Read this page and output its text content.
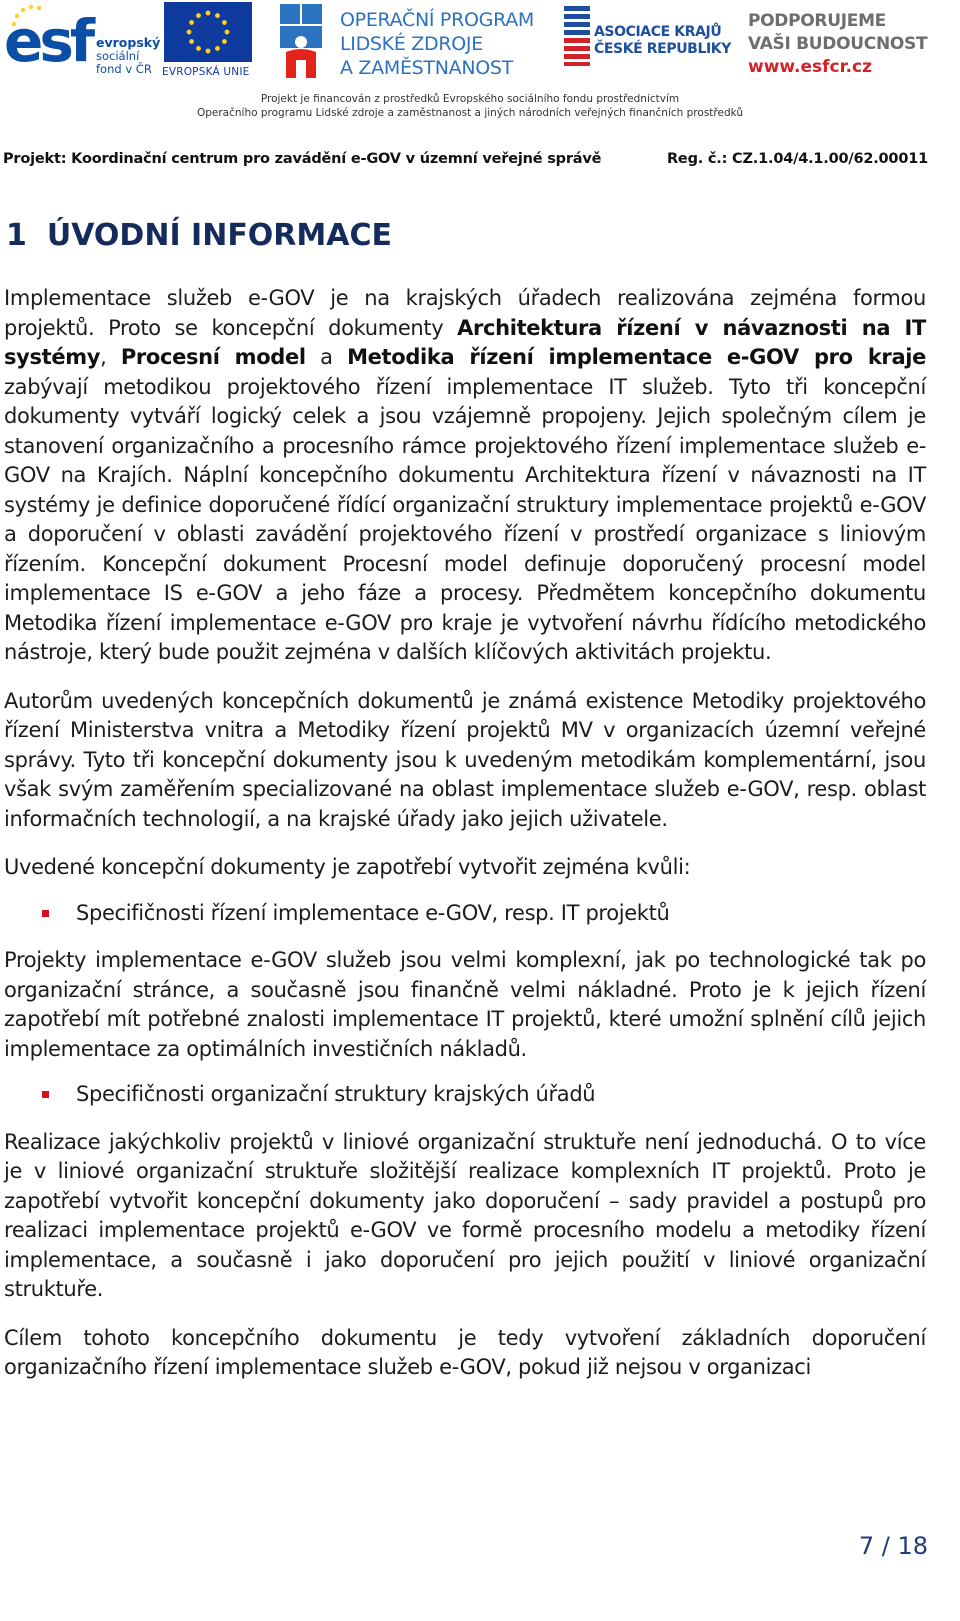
esf evropský
sociální
fond v ČR EVROPSKÁ UNIE
OPERAČNÍ PROGRAM
LIDSKÉ ZDROJE
A ZAMĚSTNANOST
ASOCIACE KRAJŮ
ČESKÉ REPUBLIKY
PODPORUJEME
VAŠI BUDOUCNOST
www.esfcr.cz
Projekt je financován z prostředků Evropského sociálního fondu prostřednictvím
Operačního programu Lidské zdroje a zaměstnanost a jiných národních veřejných finančních prostředků
Projekt: Koordinační centrum pro zavádění e-GOV v územní veřejné správě	Reg. č.: CZ.1.04/4.1.00/62.00011
1 ÚVODNÍ INFORMACE

Implementace služeb e-GOV je na krajských úřadech realizována zejména formou projektů. Proto se koncepční dokumenty Architektura řízení v návaznosti na IT systémy, Procesní model a Metodika řízení implementace e-GOV pro kraje zabývají metodikou projektového řízení implementace IT služeb. Tyto tři koncepční dokumenty vytváří logický celek a jsou vzájemně propojeny. Jejich společným cílem je stanovení organizačního a procesního rámce projektového řízení implementace služeb e-GOV na Krajích. Náplní koncepčního dokumentu Architektura řízení v návaznosti na IT systémy je definice doporučené řídící organizační struktury implementace projektů e-GOV a doporučení v oblasti zavádění projektového řízení v prostředí organizace s liniovým řízením. Koncepční dokument Procesní model definuje doporučený procesní model implementace IS e-GOV a jeho fáze a procesy. Předmětem koncepčního dokumentu Metodika řízení implementace e-GOV pro kraje je vytvoření návrhu řídícího metodického nástroje, který bude použit zejména v dalších klíčových aktivitách projektu.

Autorům uvedených koncepčních dokumentů je známá existence Metodiky projektového řízení Ministerstva vnitra a Metodiky řízení projektů MV v organizacích územní veřejné správy. Tyto tři koncepční dokumenty jsou k uvedeným metodikám komplementární, jsou však svým zaměřením specializované na oblast implementace služeb e-GOV, resp. oblast informačních technologií, a na krajské úřady jako jejich uživatele.

Uvedené koncepční dokumenty je zapotřebí vytvořit zejména kvůli:

Specifičnosti řízení implementace e-GOV, resp. IT projektů

Projekty implementace e-GOV služeb jsou velmi komplexní, jak po technologické tak po organizační stránce, a současně jsou finančně velmi nákladné. Proto je k jejich řízení zapotřebí mít potřebné znalosti implementace IT projektů, které umožní splnění cílů jejich implementace za optimálních investičních nákladů.

Specifičnosti organizační struktury krajských úřadů

Realizace jakýchkoliv projektů v liniové organizační struktuře není jednoduchá. O to více je v liniové organizační struktuře složitější realizace komplexních IT projektů. Proto je zapotřebí vytvořit koncepční dokumenty jako doporučení – sady pravidel a postupů pro realizaci implementace projektů e-GOV ve formě procesního modelu a metodiky řízení implementace, a současně i jako doporučení pro jejich použití v liniové organizační struktuře.

Cílem tohoto koncepčního dokumentu je tedy vytvoření základních doporučení organizačního řízení implementace služeb e-GOV, pokud již nejsou v organizaci

7 / 18
